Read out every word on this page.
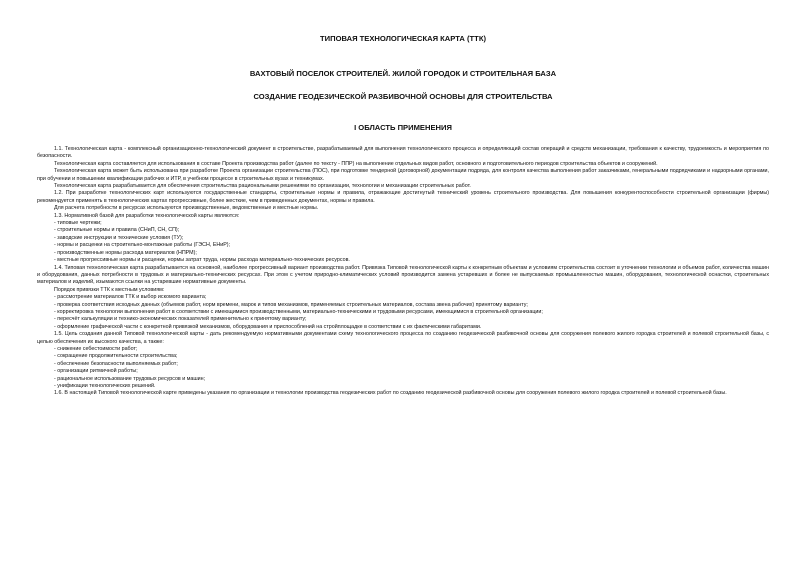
ТИПОВАЯ ТЕХНОЛОГИЧЕСКАЯ КАРТА (ТТК)

ВАХТОВЫЙ ПОСЕЛОК СТРОИТЕЛЕЙ. ЖИЛОЙ ГОРОДОК И СТРОИТЕЛЬНАЯ БАЗА

СОЗДАНИЕ ГЕОДЕЗИЧЕСКОЙ РАЗБИВОЧНОЙ ОСНОВЫ ДЛЯ СТРОИТЕЛЬСТВА

I ОБЛАСТЬ ПРИМЕНЕНИЯ

1.1. Технологическая карта - комплексный организационно-технологический документ в строительстве, разрабатываемый для выполнения технологического процесса и определяющий состав операций и средств механизации, требования к качеству, трудоемкость и мероприятия по безопасности.

Технологическая карта составляется для использования в составе Проекта производства работ (далее по тексту - ППР) на выполнение отдельных видов работ, основного и подготовительного периодов строительства объектов и сооружений.

Технологическая карта может быть использована при разработке Проекта организации строительства (ПОС), при подготовке тендерной (договорной) документации подряда, для контроля качества выполнения работ заказчиками, генеральными подрядчиками и надзорными органами, при обучении и повышении квалификации рабочих и ИТР, в учебном процессе в строительных вузах и техникумах.

Технологическая карта разрабатывается для обеспечения строительства рациональными решениями по организации, технологии и механизации строительных работ.

1.2. При разработке технологических карт используются государственные стандарты, строительные нормы и правила, отражающие достигнутый технический уровень строительного производства. Для повышения конкурентоспособности строительной организации (фирмы) рекомендуется применять в технологических картах прогрессивные, более жесткие, чем в приведенных документах, нормы и правила.

Для расчета потребности в ресурсах используются производственные, ведомственные и местные нормы.

1.3. Нормативной базой для разработки технологической карты являются:

- типовые чертежи;

- строительные нормы и правила (СНиП, СН, СП);

- заводские инструкции и технические условия (ТУ);

- нормы и расценки на строительно-монтажные работы (ГЭСН, ЕНиР);

- производственные нормы расхода материалов (НПРМ);

- местные прогрессивные нормы и расценки, нормы затрат труда, нормы расхода материально-технических ресурсов.

1.4. Типовая технологическая карта разрабатывается на основной, наиболее прогрессивный вариант производства работ. Привязка Типовой технологической карты к конкретным объектам и условиям строительства состоит в уточнении технологии и объемов работ, количества машин и оборудования, данных потребности в трудовых и материально-технических ресурсах. При этом с учетом природно-климатических условий производится замена устаревших и более не выпускаемых промышленностью машин, оборудования, технологической оснастки, строительных материалов и изделий, изымаются ссылки на устаревшие нормативные документы.

Порядок привязки ТТК к местным условиям:

- рассмотрение материалов ТТК и выбор искомого варианта;

- проверка соответствия исходных данных (объемов работ, норм времени, марок и типов механизмов, применяемых строительных материалов, состава звена рабочих) принятому варианту;

- корректировка технологии выполнения работ в соответствии с имеющимися производственными, материально-техническими и трудовыми ресурсами, имеющимися в строительной организации;

- пересчёт калькуляции и технико-экономических показателей применительно к принятому варианту;

- оформление графической части с конкретной привязкой механизмов, оборудования и приспособлений на стройплощадке в соответствии с их фактическими габаритами.

1.5. Цель создания данной Типовой технологической карты - дать рекомендуемую нормативными документами схему технологического процесса по созданию геодезической разбивочной основы для сооружения полевого жилого городка строителей и полевой строительной базы, с целью обеспечения их высокого качества, а также:

- снижение себестоимости работ;

- сокращение продолжительности строительства;

- обеспечение безопасности выполняемых работ;

- организации ритмичной работы;

- рациональное использование трудовых ресурсов и машин;

- унификации технологических решений.

1.6. В настоящей Типовой технологической карте приведены указания по организации и технологии производства геодезических работ по созданию геодезической разбивочной основы для сооружения полевого жилого городка строителей и полевой строительной базы.
